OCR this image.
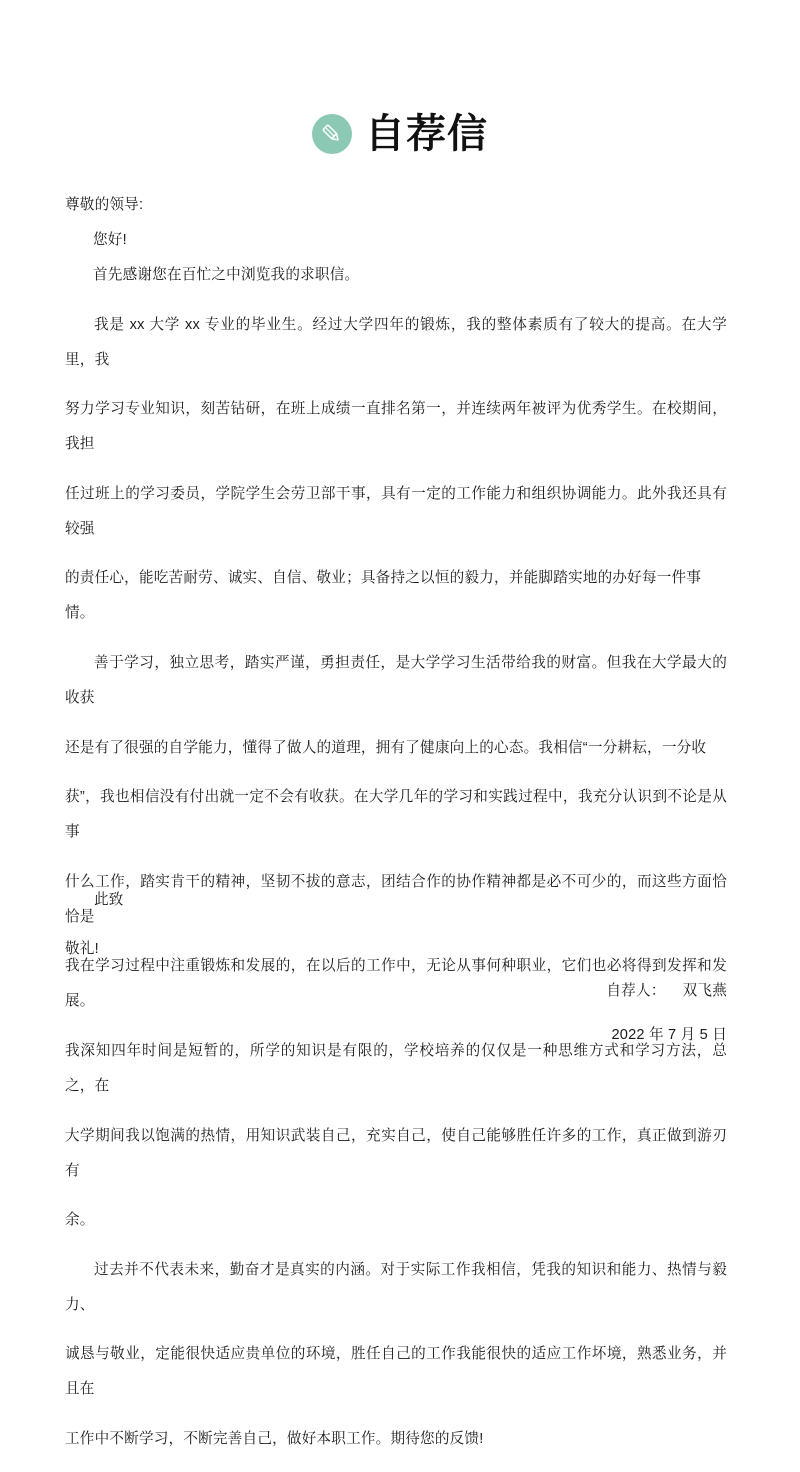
自荐信

尊敬的领导:

您好!

首先感谢您在百忙之中浏览我的求职信。

我是 xx 大学 xx 专业的毕业生。经过大学四年的锻炼，我的整体素质有了较大的提高。在大学里，我

努力学习专业知识，刻苦钻研，在班上成绩一直排名第一，并连续两年被评为优秀学生。在校期间，我担

任过班上的学习委员，学院学生会劳卫部干事，具有一定的工作能力和组织协调能力。此外我还具有较强

的责任心，能吃苦耐劳、诚实、自信、敬业；具备持之以恒的毅力，并能脚踏实地的办好每一件事情。

善于学习，独立思考，踏实严谨，勇担责任，是大学学习生活带给我的财富。但我在大学最大的收获

还是有了很强的自学能力，懂得了做人的道理，拥有了健康向上的心态。我相信“一分耕耘，一分收

获”，我也相信没有付出就一定不会有收获。在大学几年的学习和实践过程中，我充分认识到不论是从事

什么工作，踏实肯干的精神，坚韧不拔的意志，团结合作的协作精神都是必不可少的，而这些方面恰恰是

我在学习过程中注重锻炼和发展的，在以后的工作中，无论从事何种职业，它们也必将得到发挥和发展。

我深知四年时间是短暂的，所学的知识是有限的，学校培养的仅仅是一种思维方式和学习方法，总之，在

大学期间我以饱满的热情，用知识武装自己，充实自己，使自己能够胜任许多的工作，真正做到游刃有

余。

过去并不代表未来，勤奋才是真实的内涵。对于实际工作我相信，凭我的知识和能力、热情与毅力、

诚恳与敬业，定能很快适应贵单位的环境，胜任自己的工作我能很快的适应工作坏境，熟悉业务，并且在

工作中不断学习，不断完善自己，做好本职工作。期待您的反馈!

此致

敬礼!

自荐人： 双飞燕
2022 年 7 月 5 日
